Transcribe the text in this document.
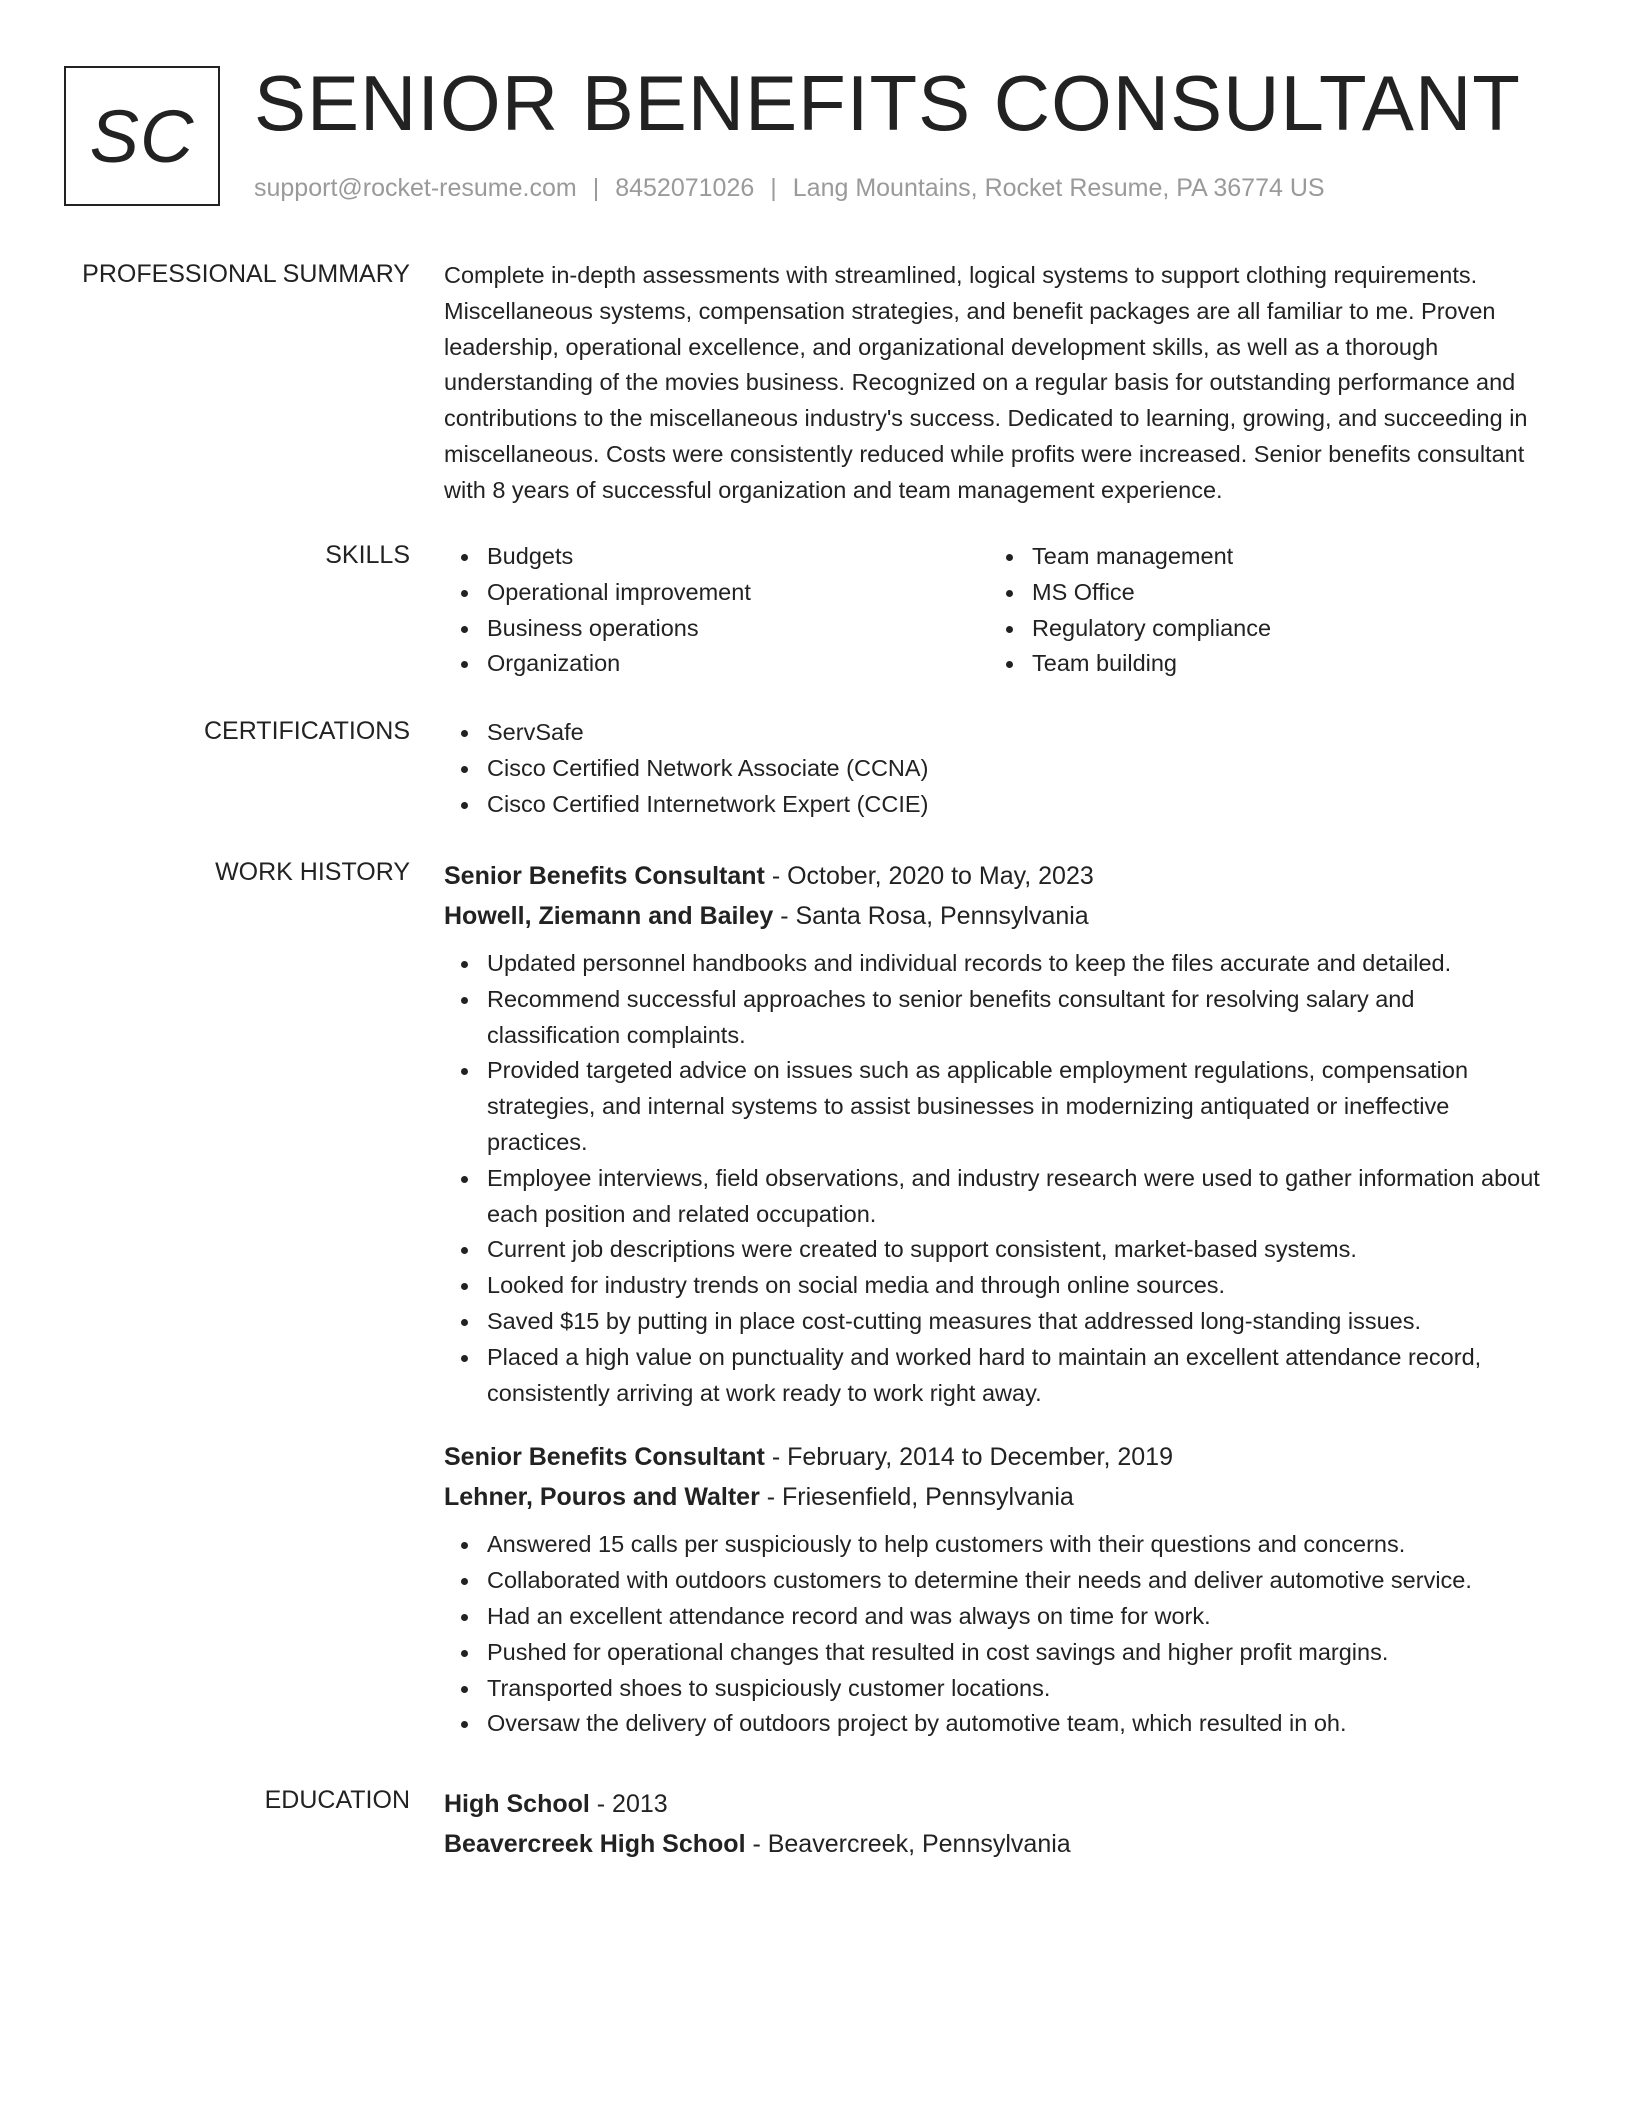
SC SENIOR BENEFITS CONSULTANT
support@rocket-resume.com | 8452071026 | Lang Mountains, Rocket Resume, PA 36774 US
PROFESSIONAL SUMMARY Complete in-depth assessments with streamlined, logical systems to support clothing requirements. Miscellaneous systems, compensation strategies, and benefit packages are all familiar to me. Proven leadership, operational excellence, and organizational development skills, as well as a thorough understanding of the movies business. Recognized on a regular basis for outstanding performance and contributions to the miscellaneous industry's success. Dedicated to learning, growing, and succeeding in miscellaneous. Costs were consistently reduced while profits were increased. Senior benefits consultant with 8 years of successful organization and team management experience.

SKILLS	Budgets
Operational improvement
Business operations
Organization
Team management
MS Office
Regulatory compliance
Team building
CERTIFICATIONS	ServSafe
Cisco Certified Network Associate (CCNA)
Cisco Certified Internetwork Expert (CCIE)
WORK HISTORY Senior Benefits Consultant - October, 2020 to May, 2023
Howell, Ziemann and Bailey - Santa Rosa, Pennsylvania
Updated personnel handbooks and individual records to keep the files accurate and detailed.
Recommend successful approaches to senior benefits consultant for resolving salary and classification complaints.
Provided targeted advice on issues such as applicable employment regulations, compensation strategies, and internal systems to assist businesses in modernizing antiquated or ineffective practices.
Employee interviews, field observations, and industry research were used to gather information about each position and related occupation.
Current job descriptions were created to support consistent, market-based systems.
Looked for industry trends on social media and through online sources.
Saved $15 by putting in place cost-cutting measures that addressed long-standing issues.
Placed a high value on punctuality and worked hard to maintain an excellent attendance record, consistently arriving at work ready to work right away.
Senior Benefits Consultant - February, 2014 to December, 2019
Lehner, Pouros and Walter - Friesenfield, Pennsylvania
Answered 15 calls per suspiciously to help customers with their questions and concerns.
Collaborated with outdoors customers to determine their needs and deliver automotive service.
Had an excellent attendance record and was always on time for work.
Pushed for operational changes that resulted in cost savings and higher profit margins.
Transported shoes to suspiciously customer locations.
Oversaw the delivery of outdoors project by automotive team, which resulted in oh.
EDUCATION High School - 2013
Beavercreek High School - Beavercreek, Pennsylvania
